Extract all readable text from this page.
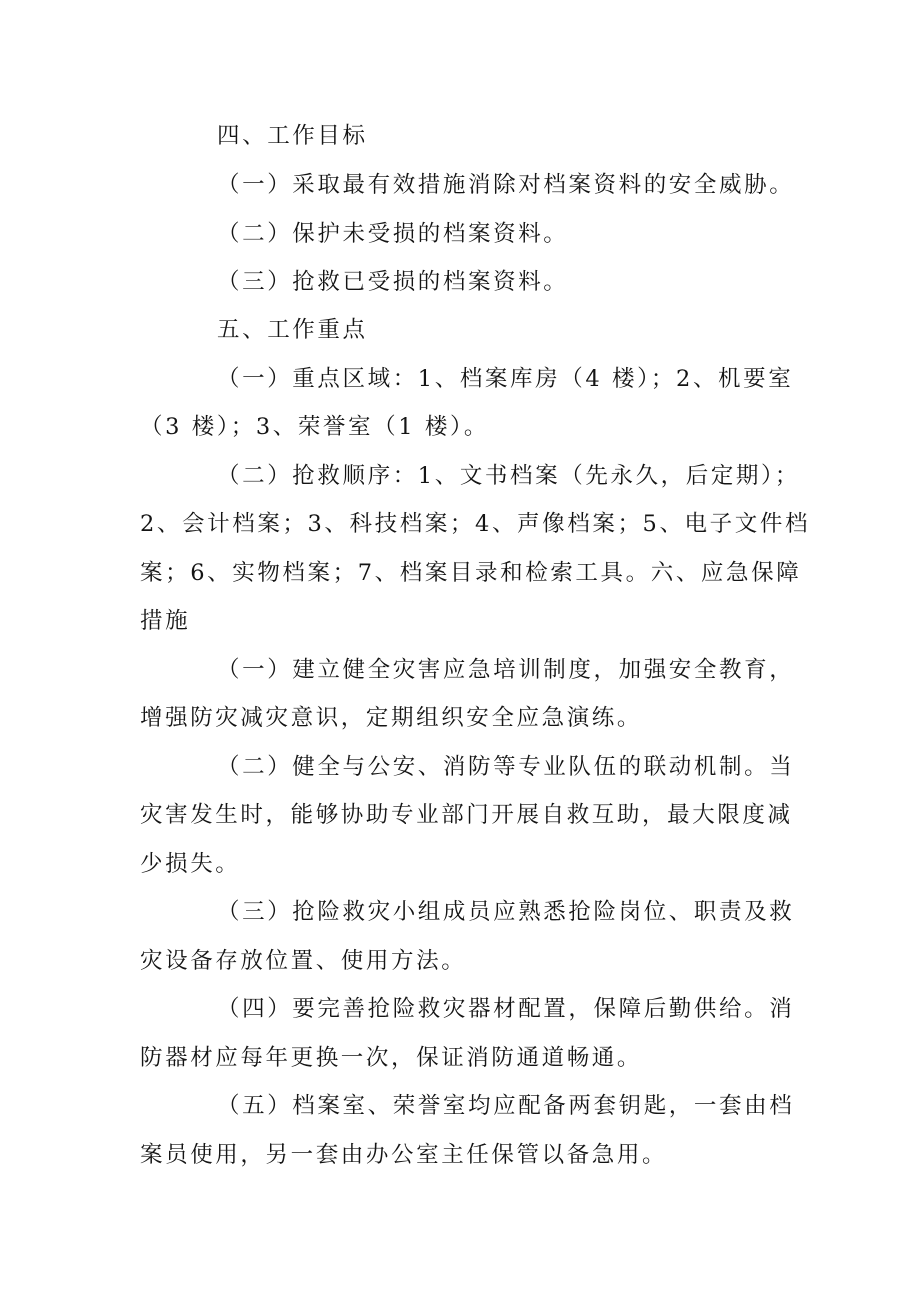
四、工作目标

（一）采取最有效措施消除对档案资料的安全威胁。

（二）保护未受损的档案资料。

（三）抢救已受损的档案资料。

五、工作重点

（一）重点区域：1、档案库房（4 楼）；2、机要室

（3 楼）；3、荣誉室（1 楼）。

（二）抢救顺序：1、文书档案（先永久，后定期）；

2、会计档案；3、科技档案；4、声像档案；5、电子文件档

案；6、实物档案；7、档案目录和检索工具。六、应急保障

措施

（一）建立健全灾害应急培训制度，加强安全教育，

增强防灾减灾意识，定期组织安全应急演练。

（二）健全与公安、消防等专业队伍的联动机制。当

灾害发生时，能够协助专业部门开展自救互助，最大限度减

少损失。

（三）抢险救灾小组成员应熟悉抢险岗位、职责及救

灾设备存放位置、使用方法。

（四）要完善抢险救灾器材配置，保障后勤供给。消

防器材应每年更换一次，保证消防通道畅通。

（五）档案室、荣誉室均应配备两套钥匙，一套由档

案员使用，另一套由办公室主任保管以备急用。
